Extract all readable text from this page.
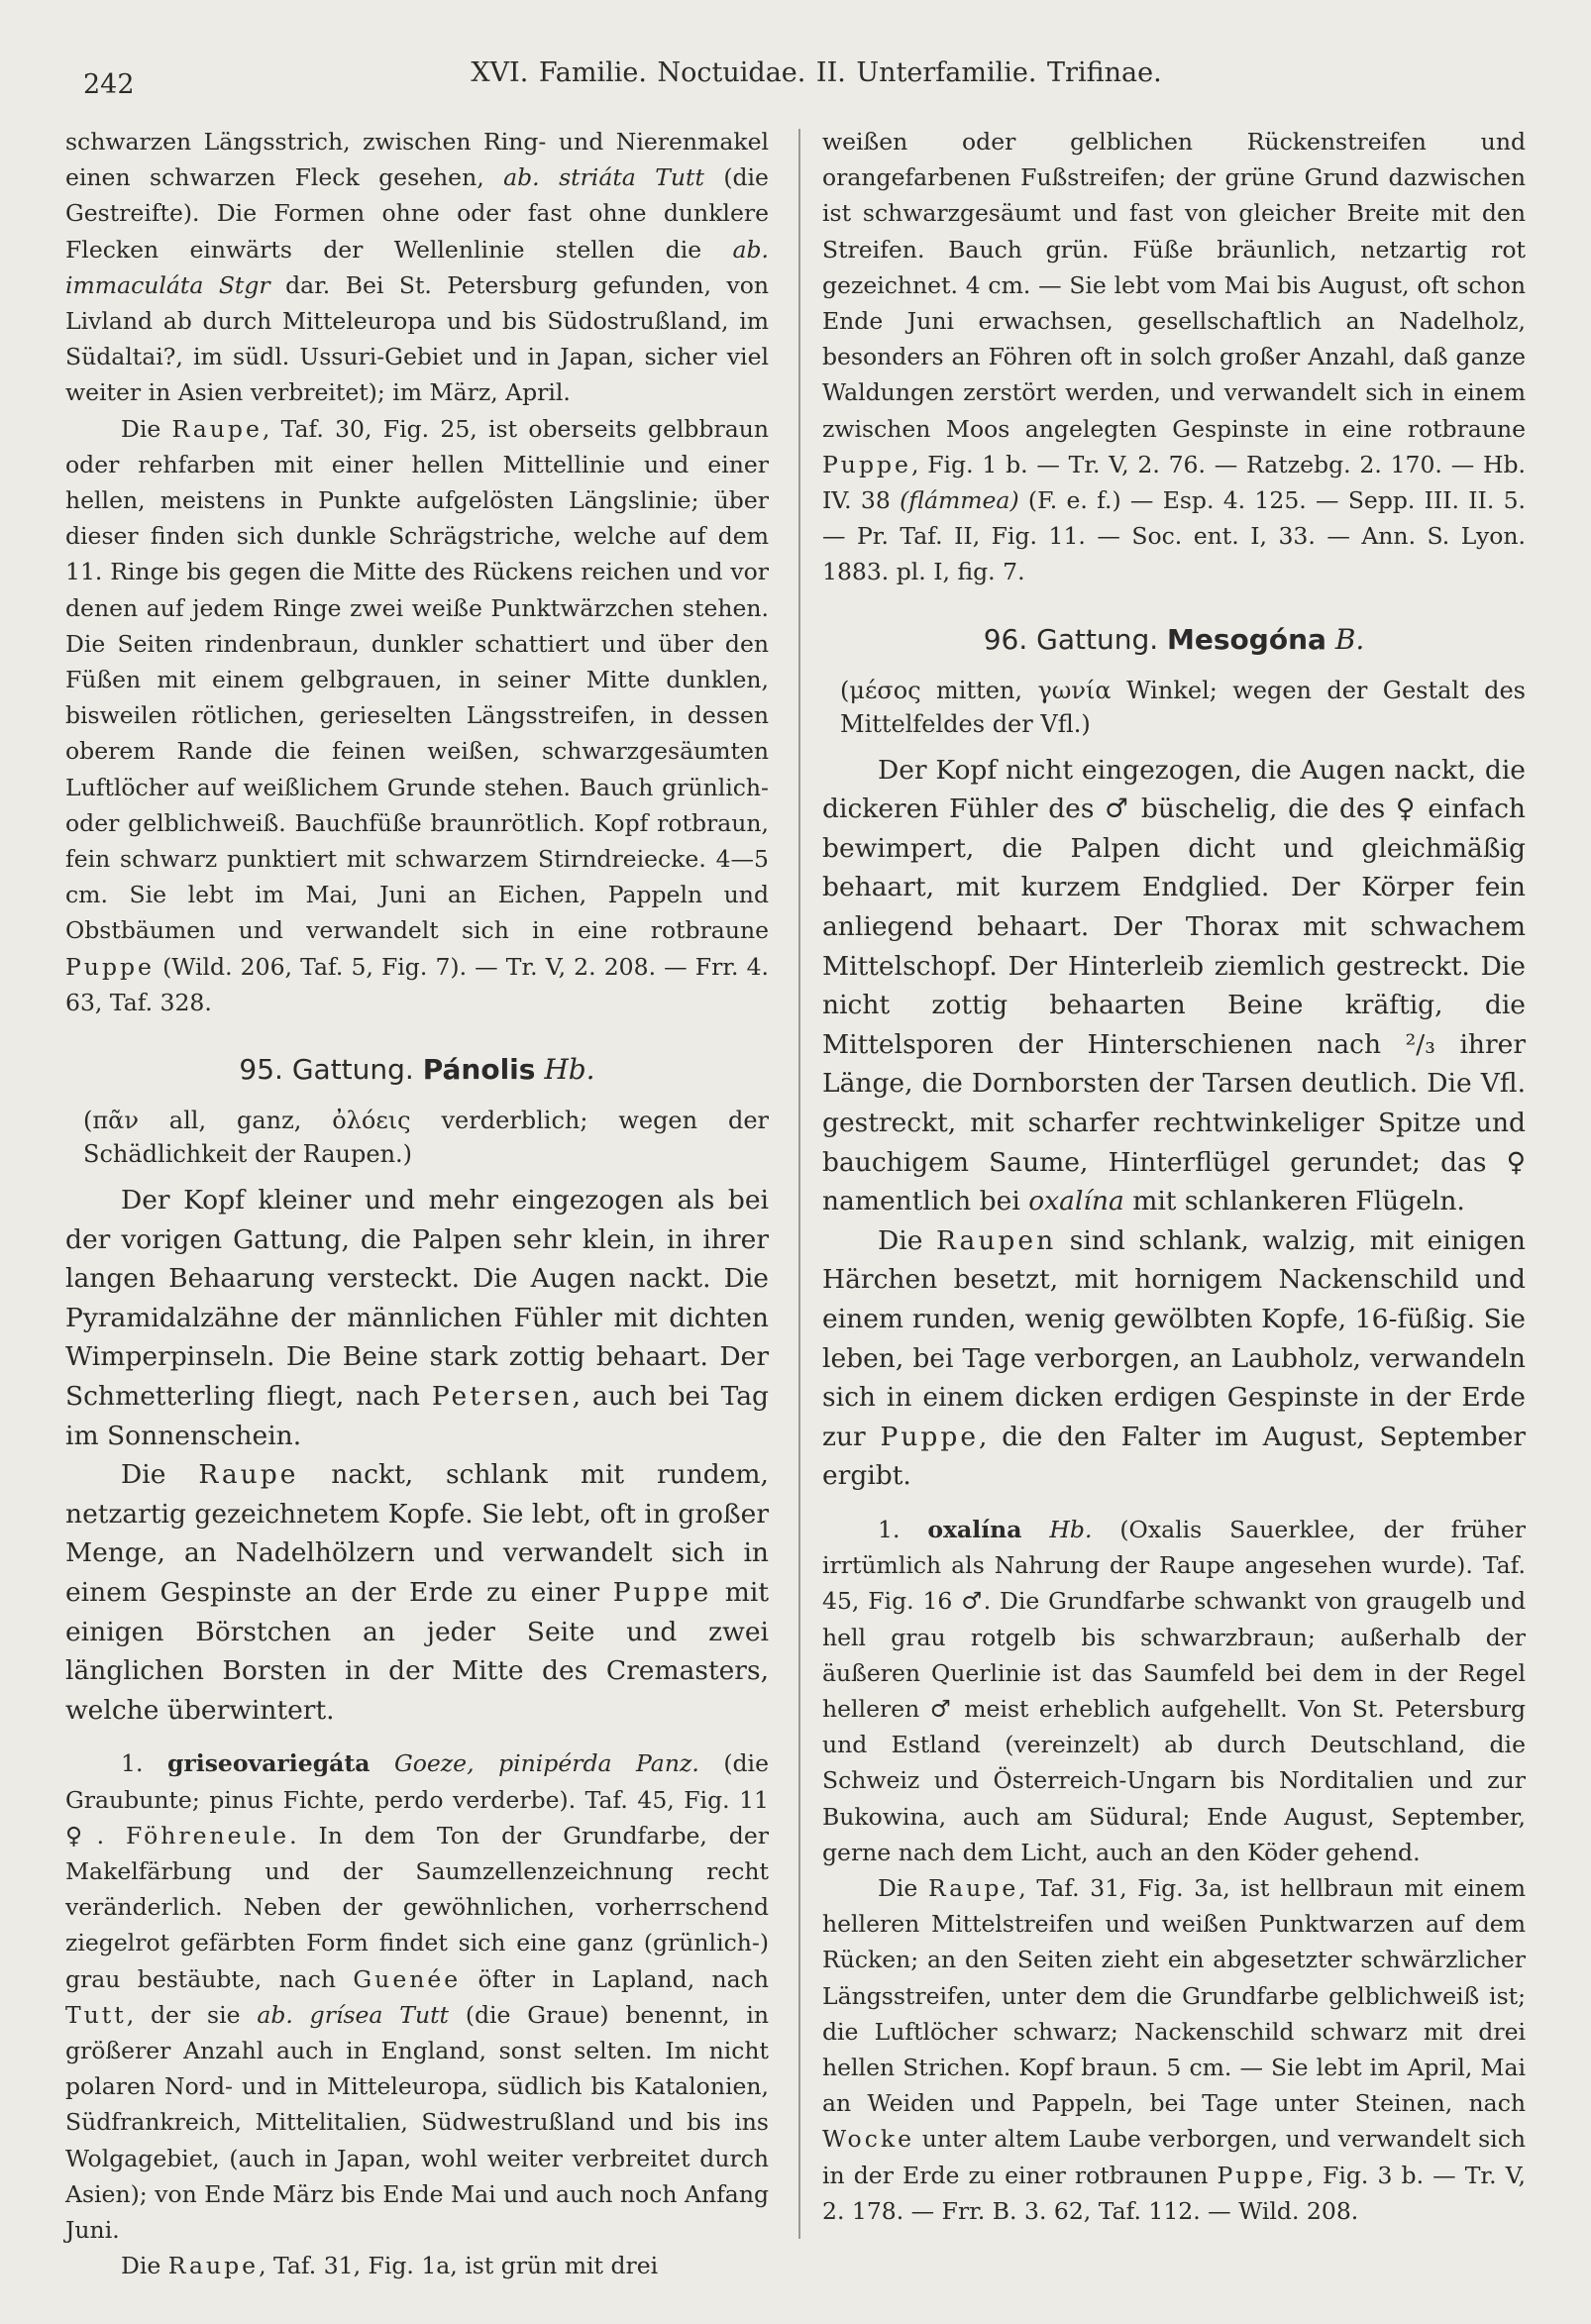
242	XVI. Familie. Noctuidae. II. Unterfamilie. Trifinae.

schwarzen Längsstrich, zwischen Ring- und Nierenmakel einen schwarzen Fleck gesehen, ab. striáta Tutt (die Gestreifte). Die Formen ohne oder fast ohne dunklere Flecken einwärts der Wellenlinie stellen die ab. immaculáta Stgr dar. Bei St. Petersburg gefunden, von Livland ab durch Mitteleuropa und bis Südostrußland, im Südaltai?, im südl. Ussuri-Gebiet und in Japan, sicher viel weiter in Asien verbreitet); im März, April.

Die Raupe, Taf. 30, Fig. 25, ist oberseits gelbbraun oder rehfarben mit einer hellen Mittellinie und einer hellen, meistens in Punkte aufgelösten Längslinie; über dieser finden sich dunkle Schrägstriche, welche auf dem 11. Ringe bis gegen die Mitte des Rückens reichen und vor denen auf jedem Ringe zwei weiße Punktwärzchen stehen. Die Seiten rindenbraun, dunkler schattiert und über den Füßen mit einem gelbgrauen, in seiner Mitte dunklen, bisweilen rötlichen, gerieselten Längsstreifen, in dessen oberem Rande die feinen weißen, schwarzgesäumten Luftlöcher auf weißlichem Grunde stehen. Bauch grünlich- oder gelblichweiß. Bauchfüße braunrötlich. Kopf rotbraun, fein schwarz punktiert mit schwarzem Stirndreiecke. 4—5 cm. Sie lebt im Mai, Juni an Eichen, Pappeln und Obstbäumen und verwandelt sich in eine rotbraune Puppe (Wild. 206, Taf. 5, Fig. 7). — Tr. V, 2. 208. — Frr. 4. 63, Taf. 328.

95. Gattung. Pánolis Hb.

(πᾶν all, ganz, ὀλόεις verderblich; wegen der Schädlichkeit der Raupen.)

Der Kopf kleiner und mehr eingezogen als bei der vorigen Gattung, die Palpen sehr klein, in ihrer langen Behaarung versteckt. Die Augen nackt. Die Pyramidalzähne der männlichen Fühler mit dichten Wimperpinseln. Die Beine stark zottig behaart. Der Schmetterling fliegt, nach Petersen, auch bei Tag im Sonnenschein.

Die Raupe nackt, schlank mit rundem, netzartig gezeichnetem Kopfe. Sie lebt, oft in großer Menge, an Nadelhölzern und verwandelt sich in einem Gespinste an der Erde zu einer Puppe mit einigen Börstchen an jeder Seite und zwei länglichen Borsten in der Mitte des Cremasters, welche überwintert.

1. griseovariegáta Goeze, pinipérda Panz. (die Graubunte; pinus Fichte, perdo verderbe). Taf. 45, Fig. 11 ♀. Föhreneule. In dem Ton der Grundfarbe, der Makelfärbung und der Saumzellenzeichnung recht veränderlich. Neben der gewöhnlichen, vorherrschend ziegelrot gefärbten Form findet sich eine ganz (grünlich-) grau bestäubte, nach Guenée öfter in Lapland, nach Tutt, der sie ab. grísea Tutt (die Graue) benennt, in größerer Anzahl auch in England, sonst selten. Im nicht polaren Nord- und in Mitteleuropa, südlich bis Katalonien, Südfrankreich, Mittelitalien, Südwestrußland und bis ins Wolgagebiet, (auch in Japan, wohl weiter verbreitet durch Asien); von Ende März bis Ende Mai und auch noch Anfang Juni.

Die Raupe, Taf. 31, Fig. 1a, ist grün mit drei

weißen oder gelblichen Rückenstreifen und orangefarbenen Fußstreifen; der grüne Grund dazwischen ist schwarzgesäumt und fast von gleicher Breite mit den Streifen. Bauch grün. Füße bräunlich, netzartig rot gezeichnet. 4 cm. — Sie lebt vom Mai bis August, oft schon Ende Juni erwachsen, gesellschaftlich an Nadelholz, besonders an Föhren oft in solch großer Anzahl, daß ganze Waldungen zerstört werden, und verwandelt sich in einem zwischen Moos angelegten Gespinste in eine rotbraune Puppe, Fig. 1 b. — Tr. V, 2. 76. — Ratzebg. 2. 170. — Hb. IV. 38 (flámmea) (F. e. f.) — Esp. 4. 125. — Sepp. III. II. 5. — Pr. Taf. II, Fig. 11. — Soc. ent. I, 33. — Ann. S. Lyon. 1883. pl. I, fig. 7.

96. Gattung. Mesogóna B.

(μέσος mitten, γωνία Winkel; wegen der Gestalt des Mittelfeldes der Vfl.)

Der Kopf nicht eingezogen, die Augen nackt, die dickeren Fühler des ♂ büschelig, die des ♀ einfach bewimpert, die Palpen dicht und gleichmäßig behaart, mit kurzem Endglied. Der Körper fein anliegend behaart. Der Thorax mit schwachem Mittelschopf. Der Hinterleib ziemlich gestreckt. Die nicht zottig behaarten Beine kräftig, die Mittelsporen der Hinterschienen nach ²/₃ ihrer Länge, die Dornborsten der Tarsen deutlich. Die Vfl. gestreckt, mit scharfer rechtwinkeliger Spitze und bauchigem Saume, Hinterflügel gerundet; das ♀ namentlich bei oxalína mit schlankeren Flügeln.

Die Raupen sind schlank, walzig, mit einigen Härchen besetzt, mit hornigem Nackenschild und einem runden, wenig gewölbten Kopfe, 16-füßig. Sie leben, bei Tage verborgen, an Laubholz, verwandeln sich in einem dicken erdigen Gespinste in der Erde zur Puppe, die den Falter im August, September ergibt.

1. oxalína Hb. (Oxalis Sauerklee, der früher irrtümlich als Nahrung der Raupe angesehen wurde). Taf. 45, Fig. 16 ♂. Die Grundfarbe schwankt von graugelb und hell grau rotgelb bis schwarzbraun; außerhalb der äußeren Querlinie ist das Saumfeld bei dem in der Regel helleren ♂ meist erheblich aufgehellt. Von St. Petersburg und Estland (vereinzelt) ab durch Deutschland, die Schweiz und Österreich-Ungarn bis Norditalien und zur Bukowina, auch am Südural; Ende August, September, gerne nach dem Licht, auch an den Köder gehend.

Die Raupe, Taf. 31, Fig. 3a, ist hellbraun mit einem helleren Mittelstreifen und weißen Punktwarzen auf dem Rücken; an den Seiten zieht ein abgesetzter schwärzlicher Längsstreifen, unter dem die Grundfarbe gelblichweiß ist; die Luftlöcher schwarz; Nackenschild schwarz mit drei hellen Strichen. Kopf braun. 5 cm. — Sie lebt im April, Mai an Weiden und Pappeln, bei Tage unter Steinen, nach Wocke unter altem Laube verborgen, und verwandelt sich in der Erde zu einer rotbraunen Puppe, Fig. 3 b. — Tr. V, 2. 178. — Frr. B. 3. 62, Taf. 112. — Wild. 208.
